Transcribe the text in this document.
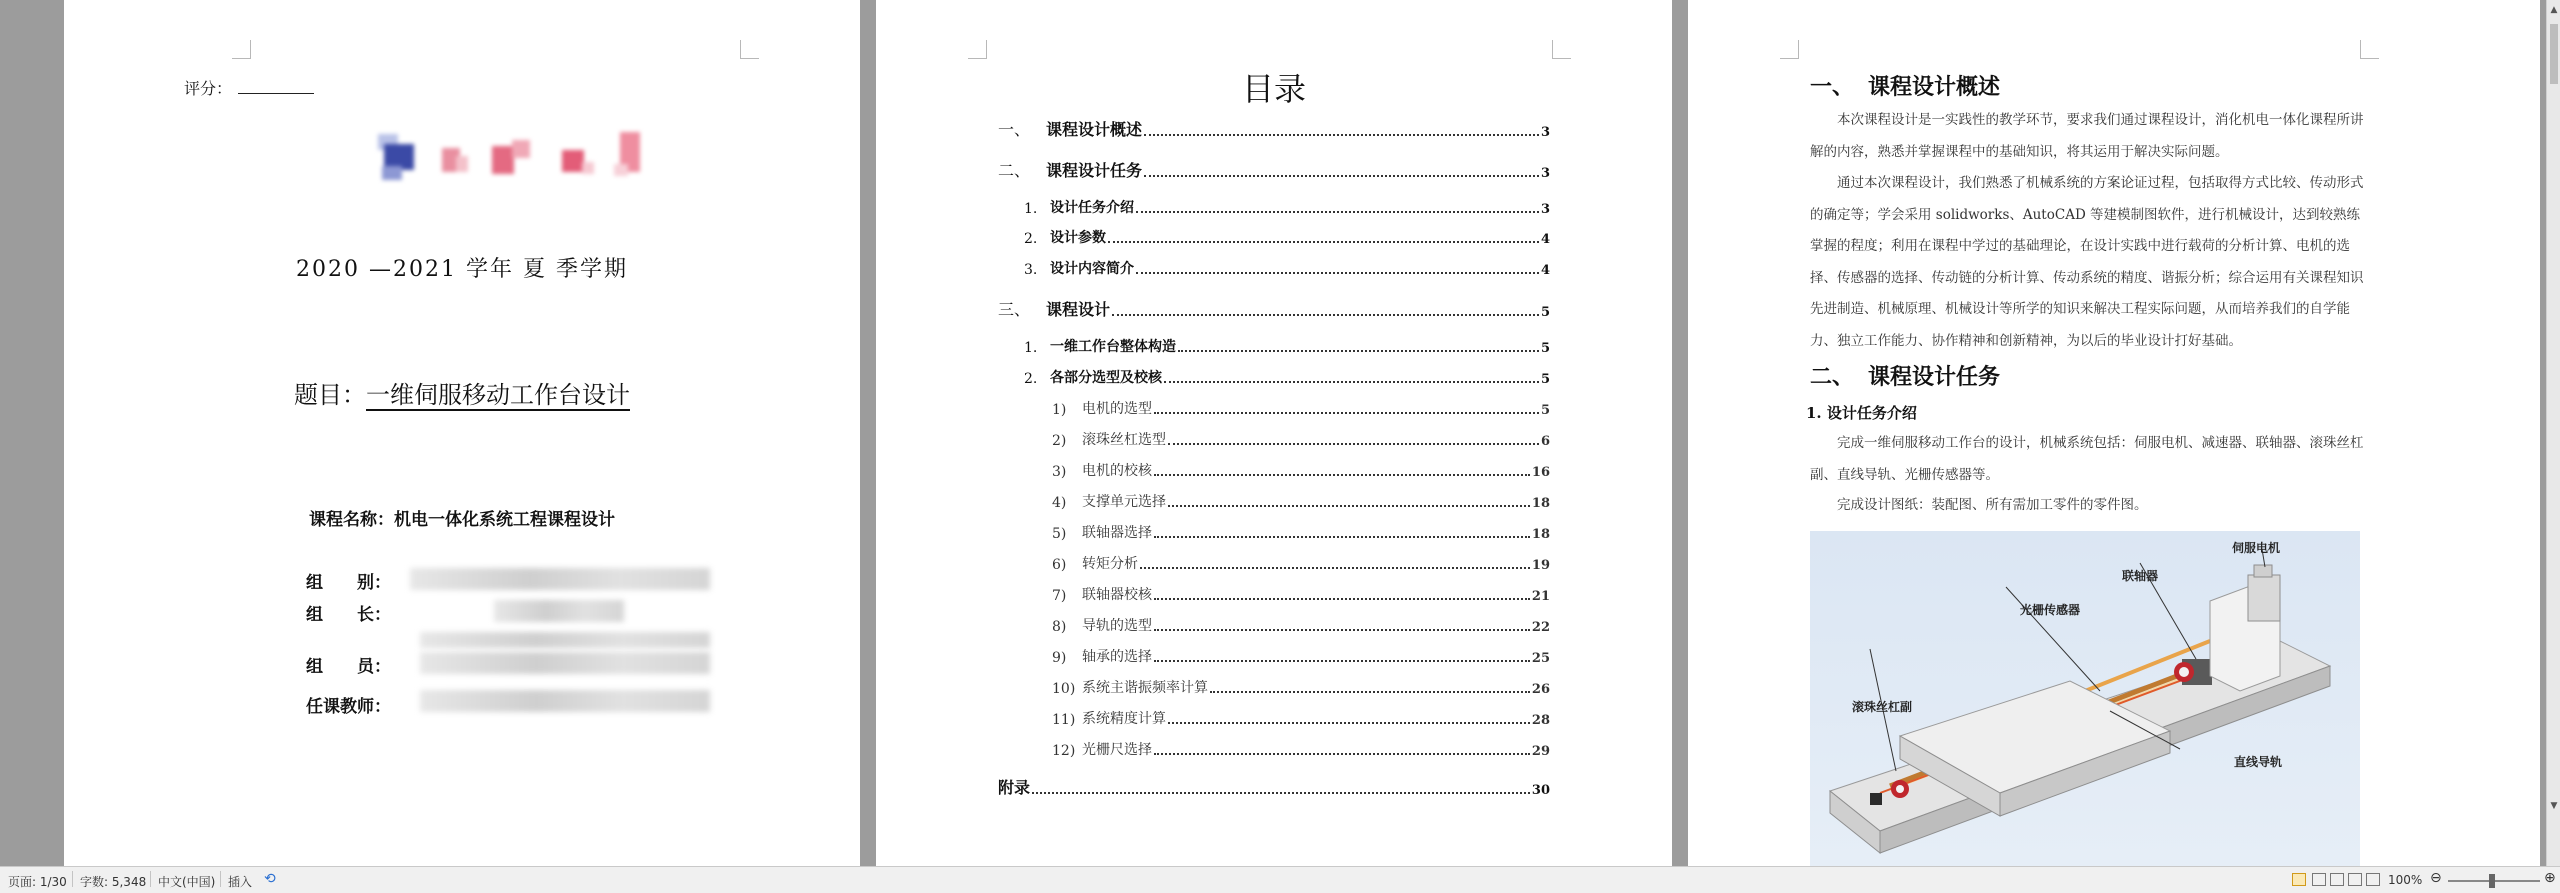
评分：
2020 —2021 学年 夏 季学期
题目：一维伺服移动工作台设计
课程名称：机电一体化系统工程课程设计
组　　别：
组　　长：
组　　员：
任课教师：
目录
一、 课程设计概述	3
二、 课程设计任务	3
1. 设计任务介绍	3
2. 设计参数	4
3. 设计内容简介	4
三、 课程设计	5
1. 一维工作台整体构造	5
2. 各部分选型及校核	5
1)	电机的选型	5
2)	滚珠丝杠选型	6
3)	电机的校核	16
4)	支撑单元选择	18
5)	联轴器选择	18
6)	转矩分析	19
7)	联轴器校核	21
8)	导轨的选型	22
9)	轴承的选择	25
10) 系统主谐振频率计算	26
11) 系统精度计算	28
12) 光栅尺选择	29
附录	30
一、 课程设计概述
本次课程设计是一实践性的教学环节，要求我们通过课程设计，消化机电一体化课程所讲解的内容，熟悉并掌握课程中的基础知识，将其运用于解决实际问题。
通过本次课程设计，我们熟悉了机械系统的方案论证过程，包括取得方式比较、传动形式的确定等；学会采用 solidworks、AutoCAD 等建模制图软件，进行机械设计，达到较熟练掌握的程度；利用在课程中学过的基础理论，在设计实践中进行载荷的分析计算、电机的选择、传感器的选择、传动链的分析计算、传动系统的精度、谐振分析；综合运用有关课程知识先进制造、机械原理、机械设计等所学的知识来解决工程实际问题，从而培养我们的自学能力、独立工作能力、协作精神和创新精神，为以后的毕业设计打好基础。
二、 课程设计任务
1. 设计任务介绍
完成一维伺服移动工作台的设计，机械系统包括：伺服电机、减速器、联轴器、滚珠丝杠副、直线导轨、光栅传感器等。
完成设计图纸：装配图、所有需加工零件的零件图。
伺服电机
联轴器
光栅传感器
滚珠丝杠副
直线导轨
▲
▼
页面: 1/30 字数: 5,348 中文(中国) 插入 ⟲	100% ⊖	⊕
